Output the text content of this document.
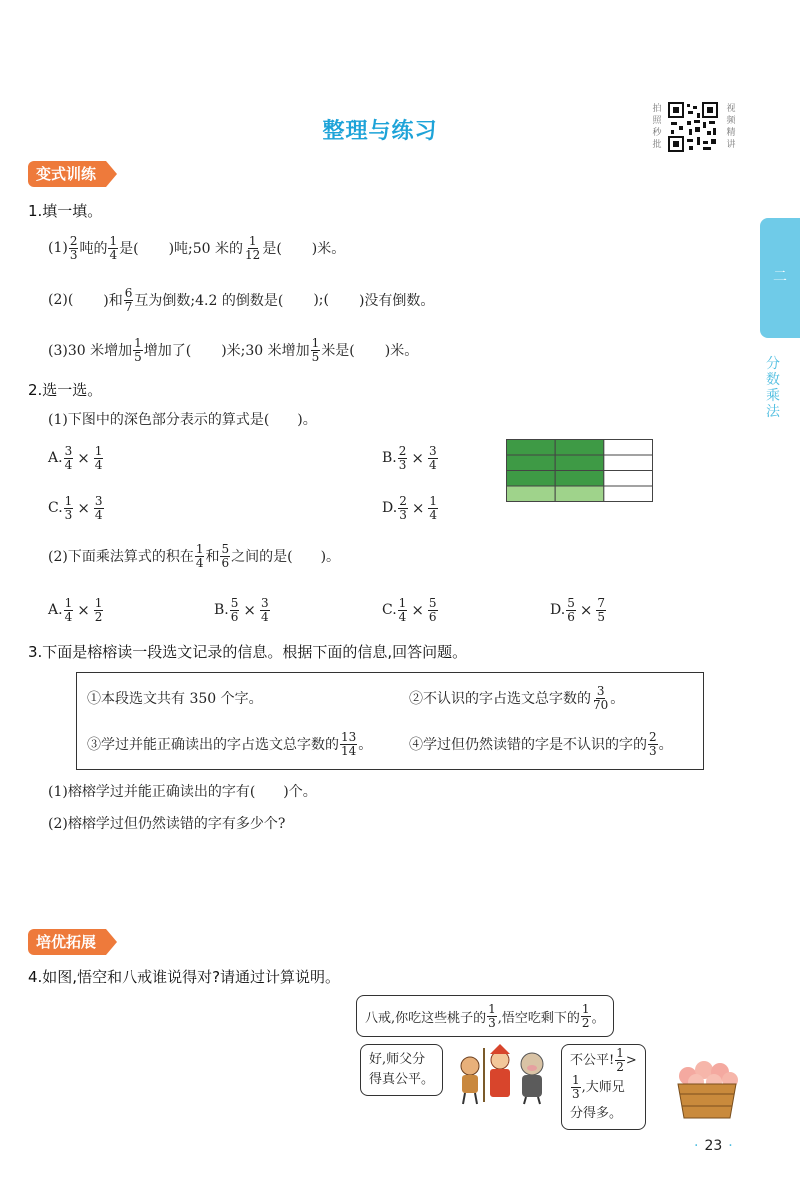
整理与练习
拍照秒批
视频精讲
二
分数乘法
变式训练
1.填一填。
$(1) \frac{2}{3}$ 吨的 $\frac{1}{4}$ 是( )吨;50 米的 $\frac{1}{12}$ 是( )米。
(2)( )和 $\frac{6}{7}$ 互为倒数;4.2 的倒数是( );( )没有倒数。
(3)30 米增加 $\frac{1}{5}$ 增加了( )米;30 米增加 $\frac{1}{5}$ 米是( )米。
2.选一选。
(1)下图中的深色部分表示的算式是(　　)。
A. $\frac{3}{4} \times \frac{1}{4}$	B. $\frac{2}{3} \times \frac{3}{4}$
C. $\frac{1}{3} \times \frac{3}{4}$	D. $\frac{2}{3} \times \frac{1}{4}$
(2)下面乘法算式的积在 $\frac{1}{4}$ 和 $\frac{5}{6}$ 之间的是(　　)。
A. $\frac{1}{4} \times \frac{1}{2}$	B. $\frac{5}{6} \times \frac{3}{4}$	C. $\frac{1}{4} \times \frac{5}{6}$	D. $\frac{5}{6} \times \frac{7}{5}$
3.下面是榕榕读一段选文记录的信息。根据下面的信息,回答问题。
①本段选文共有 350 个字。	②不认识的字占选文总字数的 $\frac{3}{70}$ 。
③学过并能正确读出的字占选文总字数的 $\frac{13}{14}$ 。	④学过但仍然读错的字是不认识的字的 $\frac{2}{3}$ 。
(1)榕榕学过并能正确读出的字有(　　)个。
(2)榕榕学过但仍然读错的字有多少个?
培优拓展
4.如图,悟空和八戒谁说得对?请通过计算说明。
八戒,你吃这些桃子的 $\frac{1}{3}$ ,悟空吃剩下的 $\frac{1}{2}$ 。
好,师父分
得真公平。
不公平! $\frac{1}{2}$ >
$\frac{1}{3}$ ,大师兄
分得多。
· 23 ·
